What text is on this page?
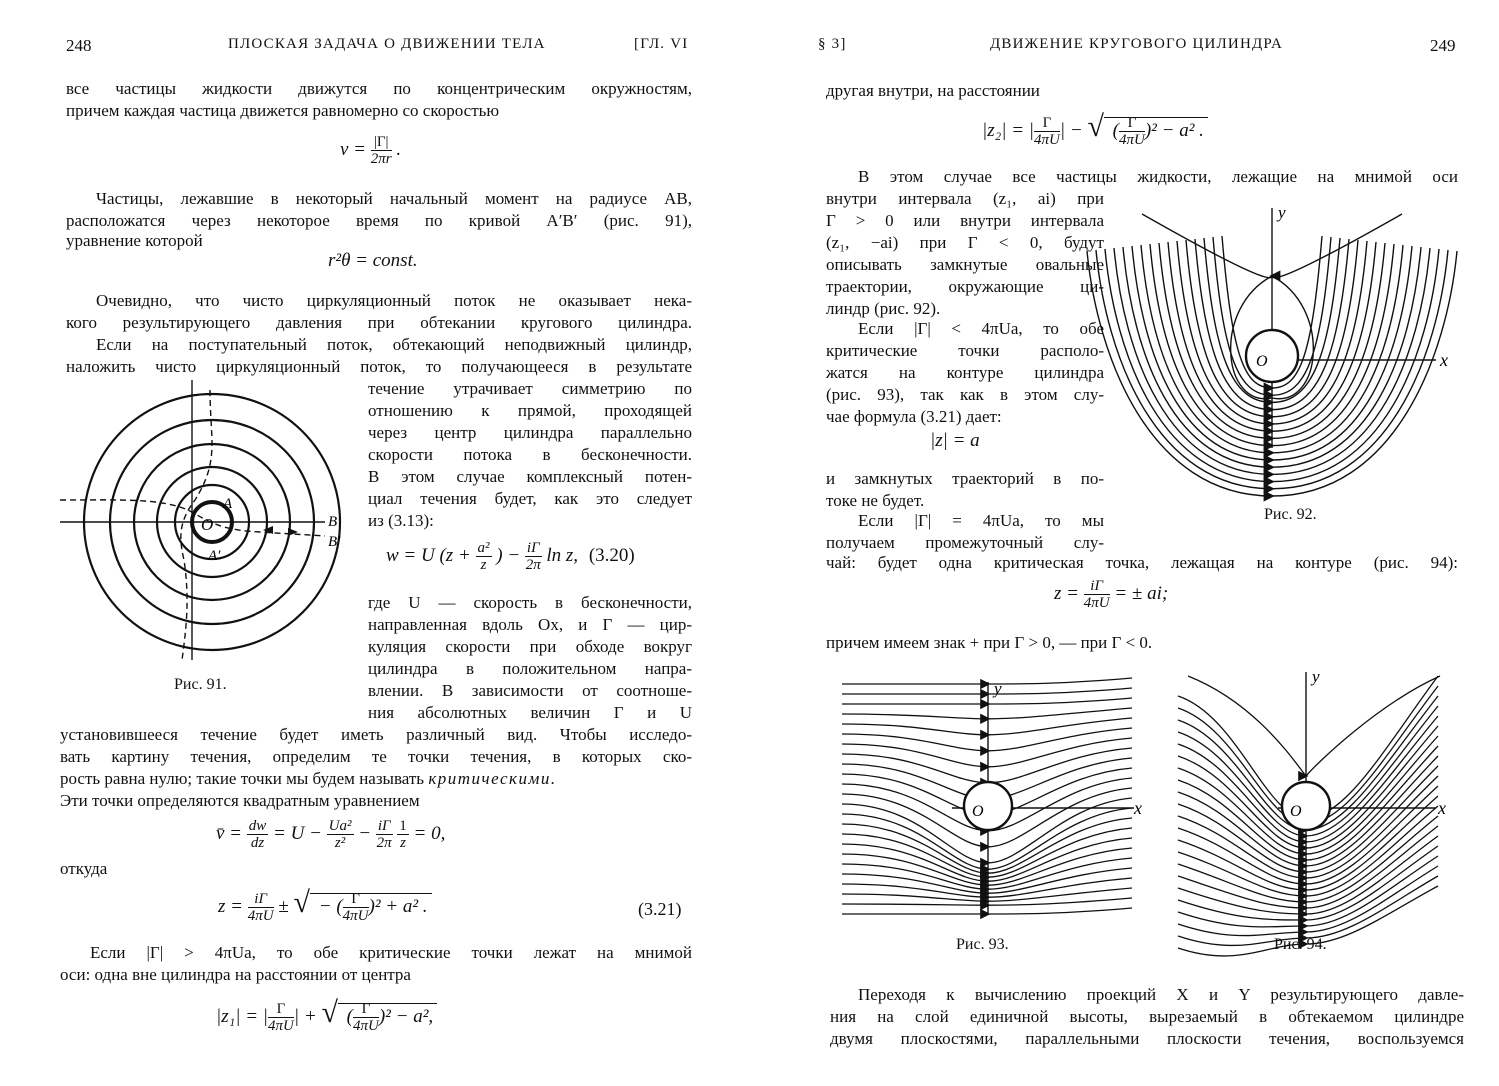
248	ПЛОСКАЯ ЗАДАЧА О ДВИЖЕНИИ ТЕЛА	[ГЛ. VI
все частицы жидкости движутся по концентрическим окружностям,
причем каждая частица движется равномерно со скоростью
$v = \frac{|\Gamma|}{2\pi r}$ .
Частицы, лежавшие в некоторый начальный момент на радиусе AB,
расположатся через некоторое время по кривой A′B′ (рис. 91),
уравнение которой
r²θ = const.
Очевидно, что чисто циркуляционный поток не оказывает нека-
кого результирующего давления при обтекании кругового цилиндра.
Если на поступательный поток, обтекающий неподвижный цилиндр,
наложить чисто циркуляционный поток, то получающееся в результате
течение утрачивает симметрию по
отношению к прямой, проходящей
через центр цилиндра параллельно
скорости потока в бесконечности.
В этом случае комплексный потен-
циал течения будет, как это следует
из (3.13):
w = U ($z + \frac{\text{a²}}{z}$ ) − $\frac{i\Gamma}{2\pi}$ ln z, (3.20)
где U — скорость в бесконечности,
направленная вдоль Ox, и Γ — цир-
куляция скорости при обходе вокруг
цилиндра в положительном напра-
влении. В зависимости от соотноше-
ния абсолютных величин Γ и U
O
A
A′
B
B′
Рис. 91.
установившееся течение будет иметь различный вид. Чтобы исследо-
вать картину течения, определим те точки течения, в которых ско-
рость равна нулю; такие точки мы будем называть критическими.
Эти точки определяются квадратным уравнением
v̄ = $\frac{dw}{dz} = U - \frac{\text{Ua²}}{\text{z²}} - \frac{i\Gamma}{2\pi}$
$\frac{1}{z} = 0$,
откуда
$z = \frac{i\Gamma}{4\pi U}$ ± √ − ( $\frac{\Gamma}{4\pi U} )^2 + a^2$ .	(3.21)
Если |Γ| > 4πUa, то обе критические точки лежат на мнимой
оси: одна вне цилиндра на расстоянии от центра
|z₁| = | $\frac{\Gamma}{4\pi U}$ | + √ ( $\frac{\Gamma}{4\pi U} )^2 - a^2$,
§ 3]	ДВИЖЕНИЕ КРУГОВОГО ЦИЛИНДРА	249
другая внутри, на расстоянии
|z₂| = | $\frac{\Gamma}{4\pi U}$ | − √ ( $\frac{\Gamma}{4\pi U} )^2 - a^2$ .
В этом случае все частицы жидкости, лежащие на мнимой оси
внутри интервала (z₁, ai) при
Γ > 0 или внутри интервала
(z₁, −ai) при Γ < 0, будут
описывать замкнутые овальные
траектории, окружающие ци-
линдр (рис. 92).
Если |Γ| < 4πUa, то обе
критические точки располо-
жатся на контуре цилиндра
(рис. 93), так как в этом слу-
чае формула (3.21) дает:
|z| = a
и замкнутых траекторий в по-
токе не будет.
Если |Γ| = 4πUa, то мы
получаем промежуточный слу-
чай: будет одна критическая точка, лежащая на контуре (рис. 94):
O	x
y
Рис. 92.
$z = \frac{i\Gamma}{4\pi U}$ = ± ai;
причем имеем знак + при Γ > 0, — при Γ < 0.
O	x
y
Рис. 93.
O	x
y
Рис. 94.
Переходя к вычислению проекций X и Y результирующего давле-
ния на слой единичной высоты, вырезаемый в обтекаемом цилиндре
двумя плоскостями, параллельными плоскости течения, воспользуемся
